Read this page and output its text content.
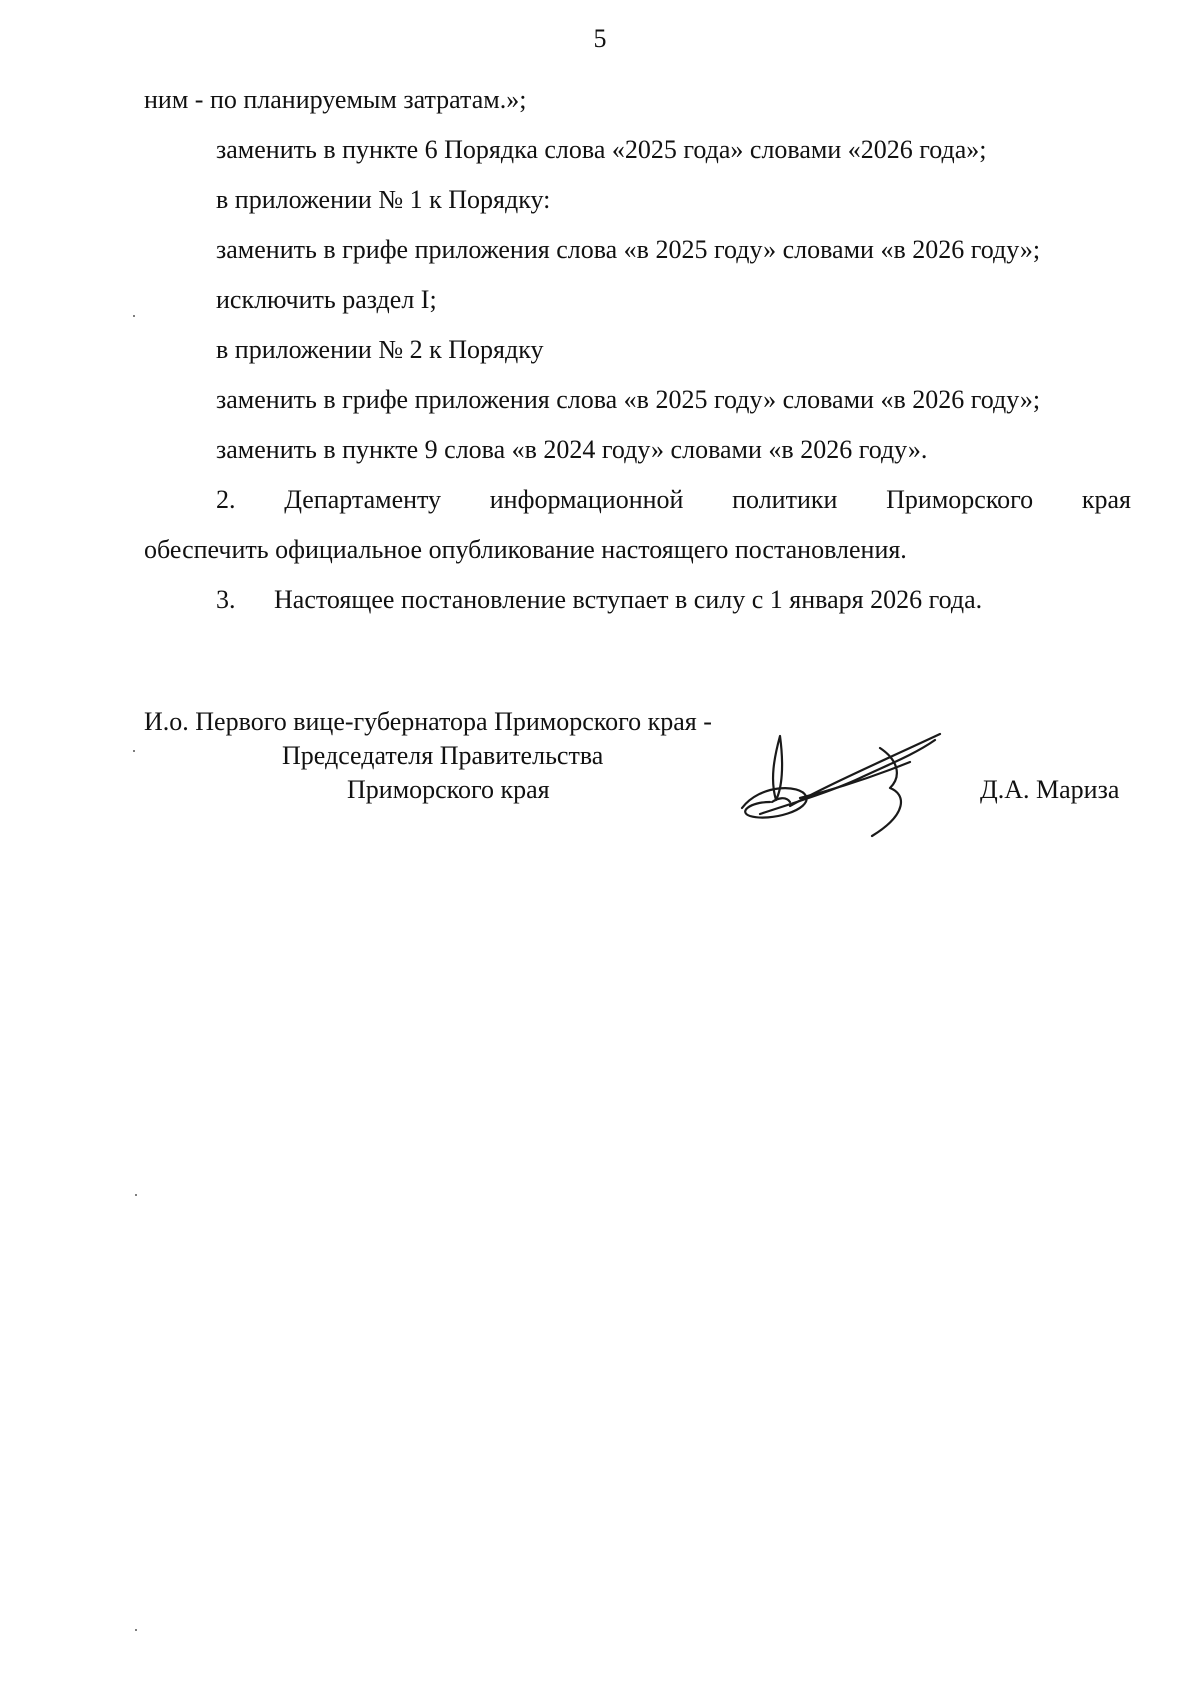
5
ним - по планируемым затратам.»;
заменить в пункте 6 Порядка слова «2025 года» словами «2026 года»;
в приложении № 1 к Порядку:
заменить в грифе приложения слова «в 2025 году» словами «в 2026 году»;
исключить раздел I;
в приложении № 2 к Порядку
заменить в грифе приложения слова «в 2025 году» словами «в 2026 году»;
заменить в пункте 9 слова «в 2024 году» словами «в 2026 году».
2. Департаменту информационной политики Приморского края
обеспечить официальное опубликование настоящего постановления.
3. Настоящее постановление вступает в силу с 1 января 2026 года.
И.о. Первого вице-губернатора Приморского края -
Председателя Правительства
Приморского края	Д.А. Мариза
